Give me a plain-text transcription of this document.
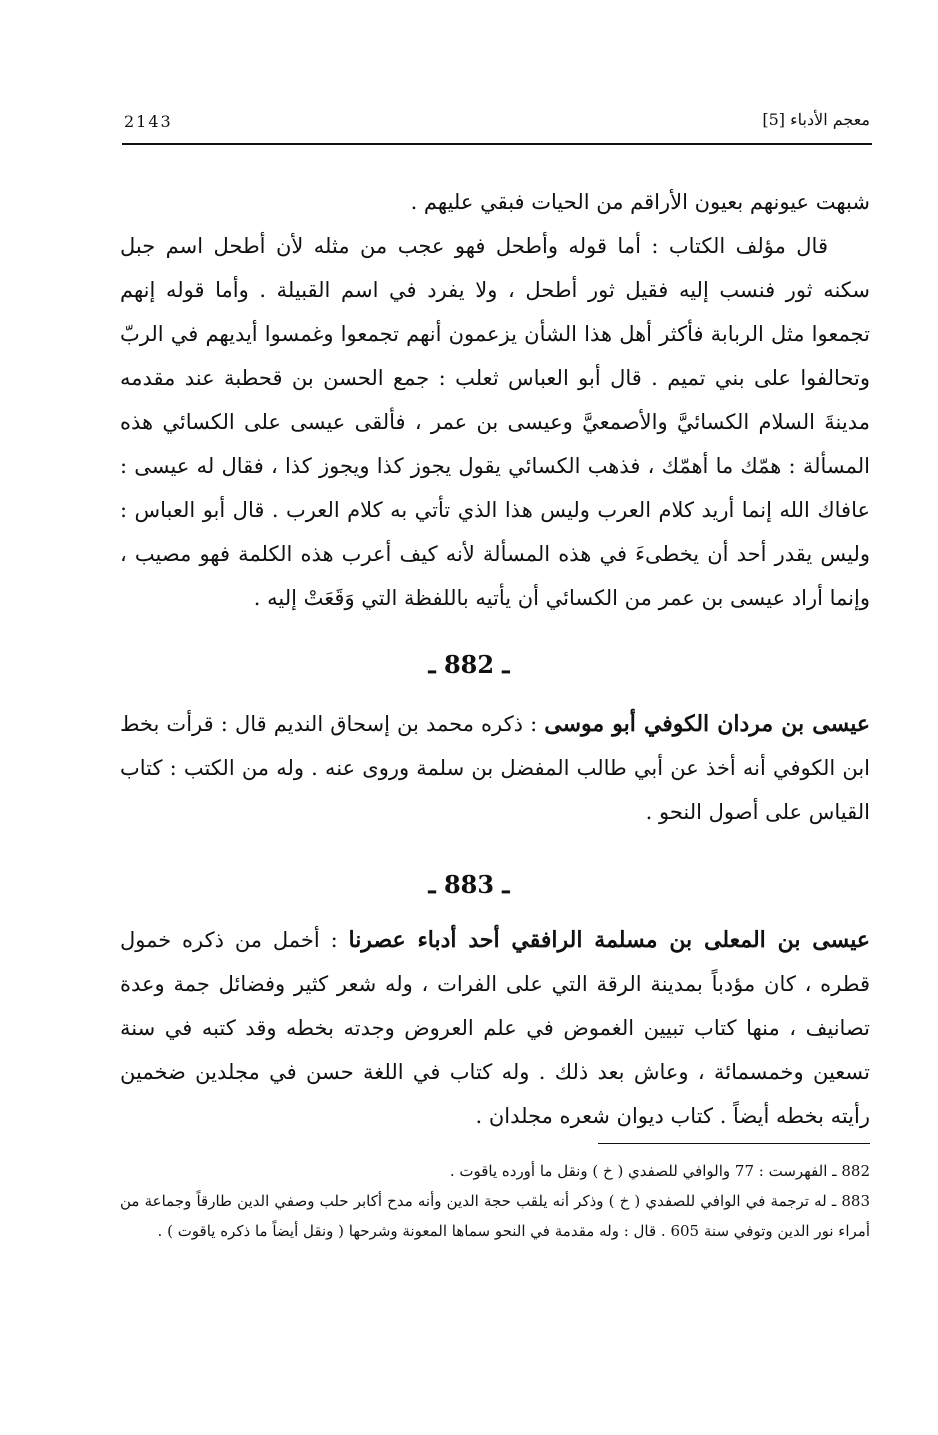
2143	معجم الأدباء [5]
شبهت عيونهم بعيون الأراقم من الحيات فبقي عليهم .
قال مؤلف الكتاب : أما قوله وأطحل فهو عجب من مثله لأن أطحل اسم جبل سكنه ثور فنسب إليه فقيل ثور أطحل ، ولا يفرد في اسم القبيلة . وأما قوله إنهم تجمعوا مثل الربابة فأكثر أهل هذا الشأن يزعمون أنهم تجمعوا وغمسوا أيديهم في الربّ وتحالفوا على بني تميم . قال أبو العباس ثعلب : جمع الحسن بن قحطبة عند مقدمه مدينةَ السلام الكسائيَّ والأصمعيَّ وعيسى بن عمر ، فألقى عيسى على الكسائي هذه المسألة : همّك ما أهمّك ، فذهب الكسائي يقول يجوز كذا ويجوز كذا ، فقال له عيسى : عافاك الله إنما أريد كلام العرب وليس هذا الذي تأتي به كلام العرب . قال أبو العباس : وليس يقدر أحد أن يخطىءَ في هذه المسألة لأنه كيف أعرب هذه الكلمة فهو مصيب ، وإنما أراد عيسى بن عمر من الكسائي أن يأتيه باللفظة التي وَقَعَتْ إليه .
ـ 882 ـ
عيسى بن مردان الكوفي أبو موسى : ذكره محمد بن إسحاق النديم قال : قرأت بخط ابن الكوفي أنه أخذ عن أبي طالب المفضل بن سلمة وروى عنه . وله من الكتب : كتاب القياس على أصول النحو .
ـ 883 ـ
عيسى بن المعلى بن مسلمة الرافقي أحد أدباء عصرنا : أخمل من ذكره خمول قطره ، كان مؤدباً بمدينة الرقة التي على الفرات ، وله شعر كثير وفضائل جمة وعدة تصانيف ، منها كتاب تبيين الغموض في علم العروض وجدته بخطه وقد كتبه في سنة تسعين وخمسمائة ، وعاش بعد ذلك . وله كتاب في اللغة حسن في مجلدين ضخمين رأيته بخطه أيضاً . كتاب ديوان شعره مجلدان .

882 ـ الفهرست : 77 والوافي للصفدي ( خ ) ونقل ما أورده ياقوت .

883 ـ له ترجمة في الوافي للصفدي ( خ ) وذكر أنه يلقب حجة الدين وأنه مدح أكابر حلب وصفي الدين طارقاً وجماعة من أمراء نور الدين وتوفي سنة 605 . قال : وله مقدمة في النحو سماها المعونة وشرحها ( ونقل أيضاً ما ذكره ياقوت ) .
